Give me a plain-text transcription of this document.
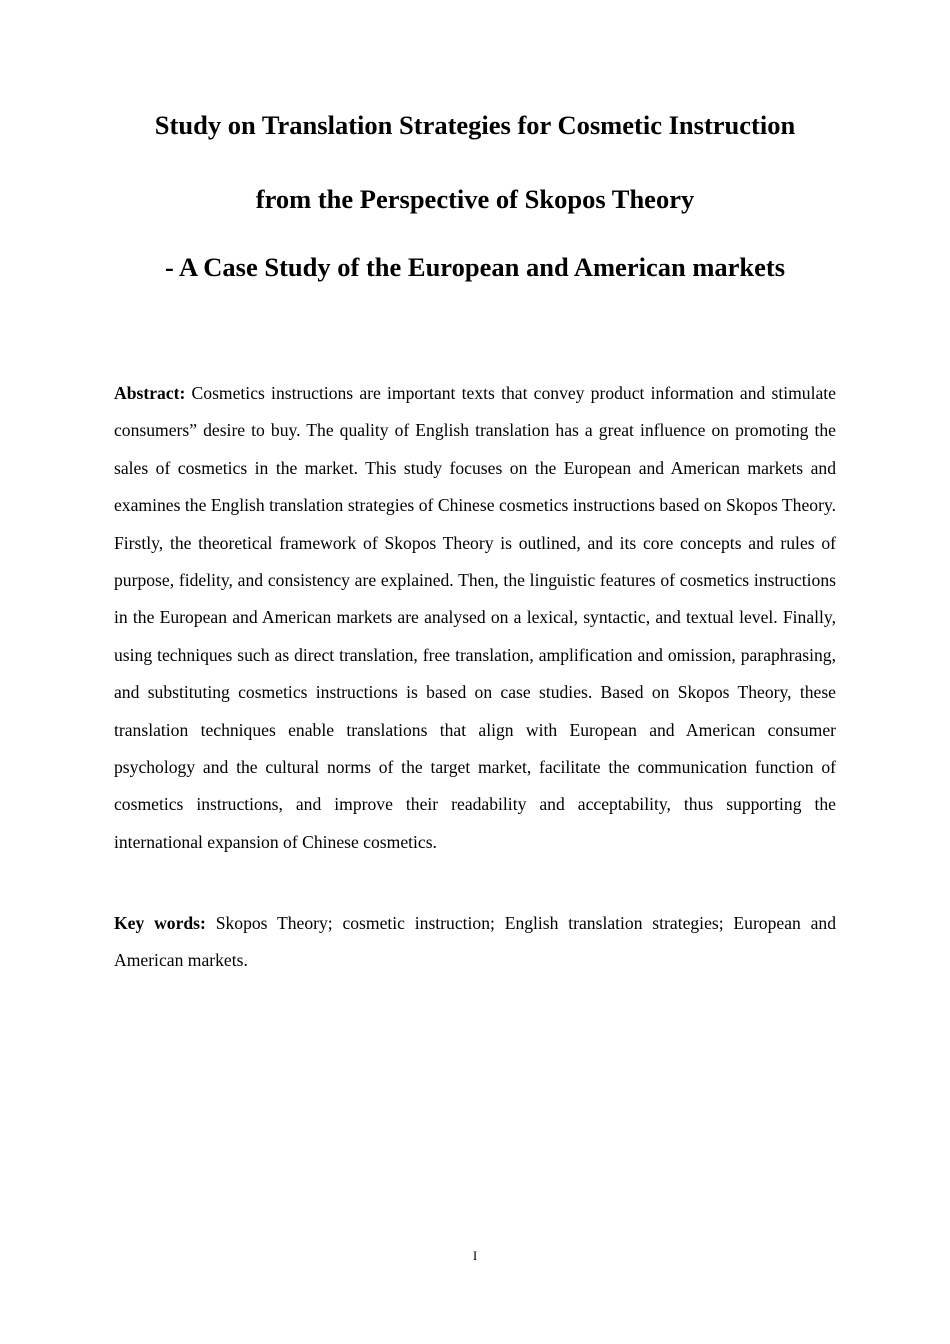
Study on Translation Strategies for Cosmetic Instruction
from the Perspective of Skopos Theory
- A Case Study of the European and American markets
Abstract: Cosmetics instructions are important texts that convey product information and stimulate consumers” desire to buy. The quality of English translation has a great influence on promoting the sales of cosmetics in the market. This study focuses on the European and American markets and examines the English translation strategies of Chinese cosmetics instructions based on Skopos Theory. Firstly, the theoretical framework of Skopos Theory is outlined, and its core concepts and rules of purpose, fidelity, and consistency are explained. Then, the linguistic features of cosmetics instructions in the European and American markets are analysed on a lexical, syntactic, and textual level. Finally, using techniques such as direct translation, free translation, amplification and omission, paraphrasing, and substituting cosmetics instructions is based on case studies. Based on Skopos Theory, these translation techniques enable translations that align with European and American consumer psychology and the cultural norms of the target market, facilitate the communication function of cosmetics instructions, and improve their readability and acceptability, thus supporting the international expansion of Chinese cosmetics.
Key words: Skopos Theory; cosmetic instruction; English translation strategies; European and American markets.
I
